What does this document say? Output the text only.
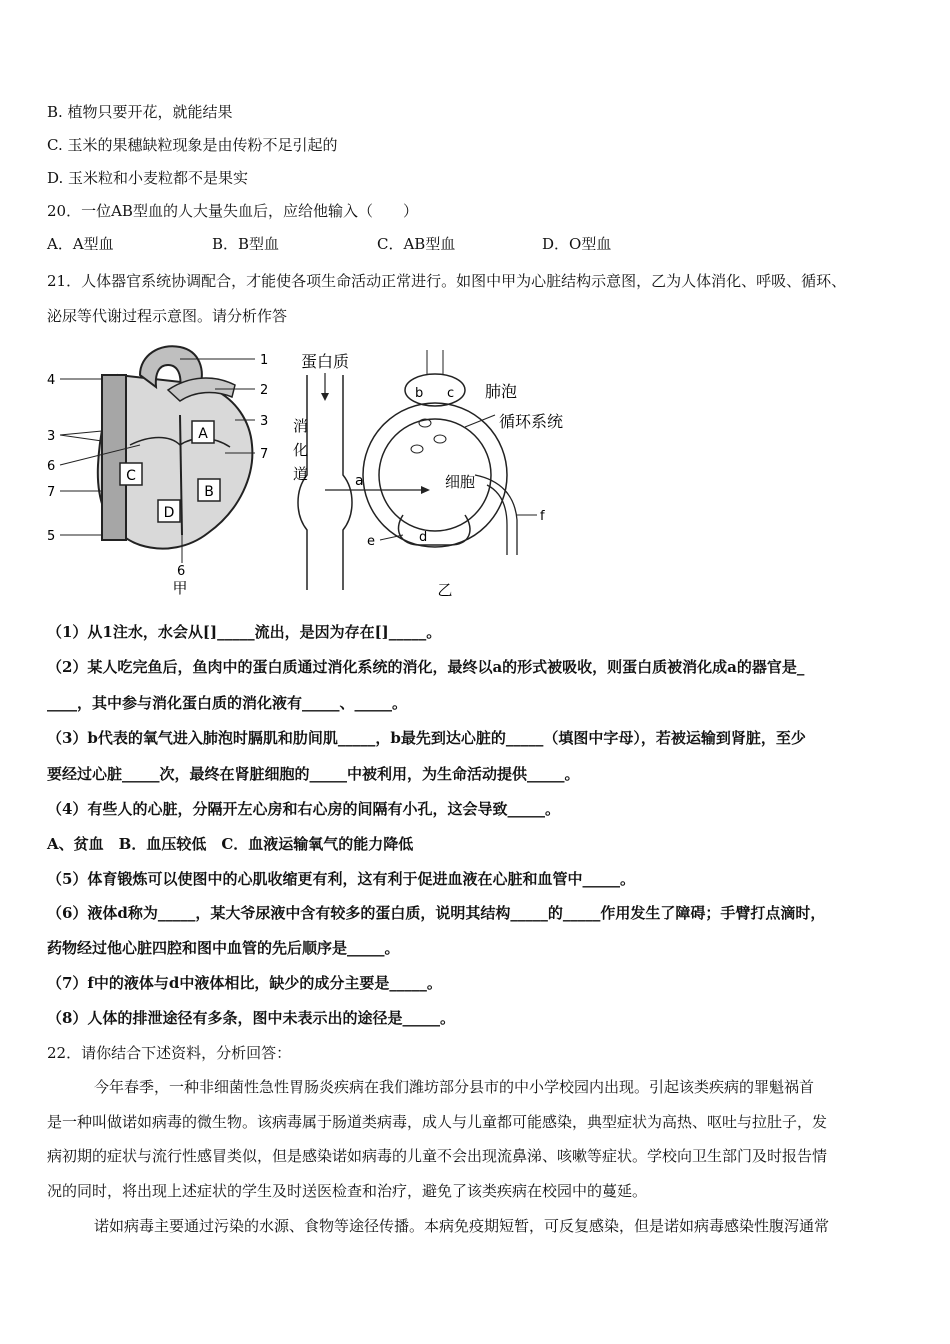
B. 植物只要开花，就能结果
C. 玉米的果穗缺粒现象是由传粉不足引起的
D. 玉米粒和小麦粒都不是果实
20．一位AB型血的人大量失血后，应给他输入（　　）
A．A型血	B．B型血	C．AB型血	D．O型血
21．人体器官系统协调配合，才能使各项生命活动正常进行。如图中甲为心脏结构示意图，乙为人体消化、呼吸、循环、
泌尿等代谢过程示意图。请分析作答
A
B
C
D
1
2
3
3
4
5
6
6
7
7
甲
蛋白质
消
化
道	a	细胞
b c 肺泡
循环系统
d
e
f
乙
（1）从1注水，水会从[]_____流出，是因为存在[]_____。
（2）某人吃完鱼后，鱼肉中的蛋白质通过消化系统的消化，最终以a的形式被吸收，则蛋白质被消化成a的器官是_
____，其中参与消化蛋白质的消化液有_____、_____。
（3）b代表的氧气进入肺泡时膈肌和肋间肌_____，b最先到达心脏的_____（填图中字母），若被运输到肾脏，至少
要经过心脏_____次，最终在肾脏细胞的_____中被利用，为生命活动提供_____。
（4）有些人的心脏，分隔开左心房和右心房的间隔有小孔，这会导致_____。
A、贫血　B．血压较低　C．血液运输氧气的能力降低
（5）体育锻炼可以使图中的心肌收缩更有利，这有利于促进血液在心脏和血管中_____。
（6）液体d称为_____，某大爷尿液中含有较多的蛋白质，说明其结构_____的_____作用发生了障碍；手臂打点滴时，
药物经过他心脏四腔和图中血管的先后顺序是_____。
（7）f中的液体与d中液体相比，缺少的成分主要是_____。
（8）人体的排泄途径有多条，图中未表示出的途径是_____。
22．请你结合下述资料，分析回答：
今年春季，一种非细菌性急性胃肠炎疾病在我们潍坊部分县市的中小学校园内出现。引起该类疾病的罪魁祸首
是一种叫做诺如病毒的微生物。该病毒属于肠道类病毒，成人与儿童都可能感染，典型症状为高热、呕吐与拉肚子，发
病初期的症状与流行性感冒类似，但是感染诺如病毒的儿童不会出现流鼻涕、咳嗽等症状。学校向卫生部门及时报告情
况的同时，将出现上述症状的学生及时送医检查和治疗，避免了该类疾病在校园中的蔓延。
诺如病毒主要通过污染的水源、食物等途径传播。本病免疫期短暂，可反复感染，但是诺如病毒感染性腹泻通常
